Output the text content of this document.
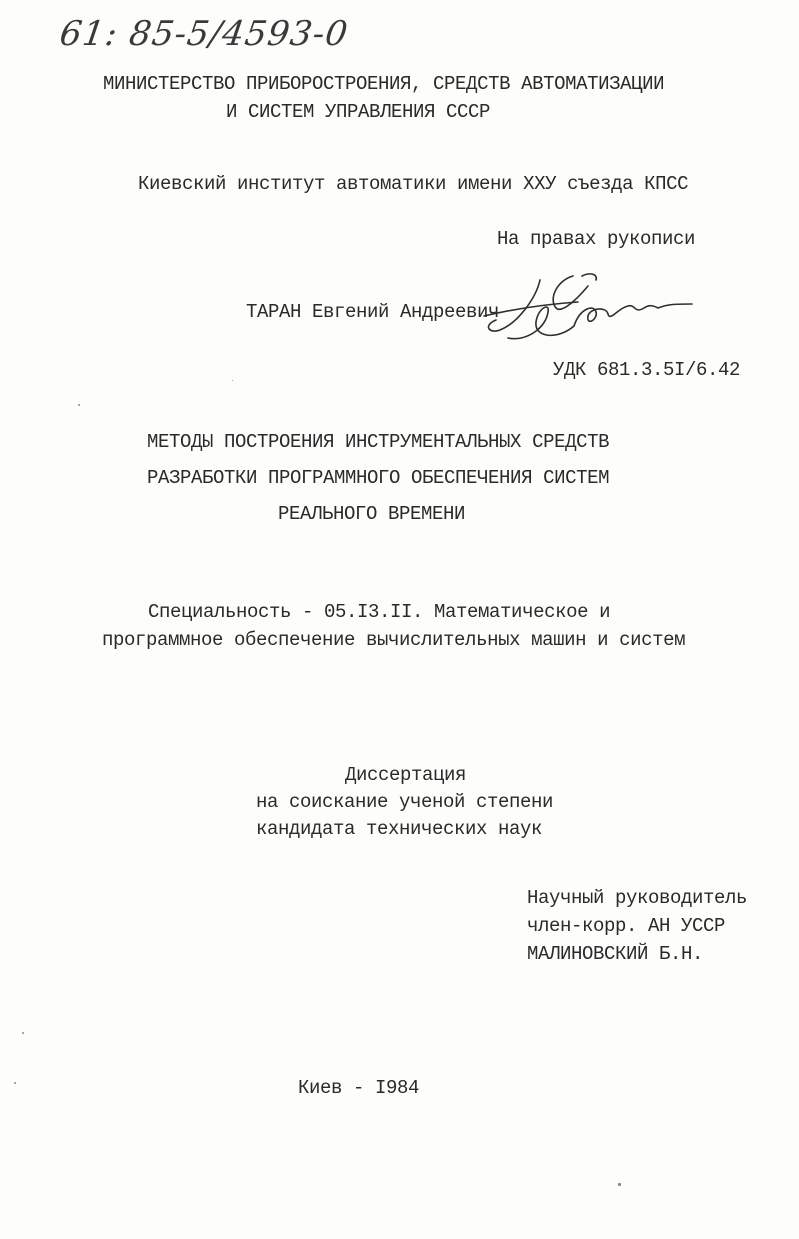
61: 85-5/4593-0
МИНИСТЕРСТВО ПРИБОРОСТРОЕНИЯ, СРЕДСТВ АВТОМАТИЗАЦИИ
И СИСТЕМ УПРАВЛЕНИЯ СССР
Киевский институт автоматики имени ХХУ съезда КПСС
На правах рукописи
ТАРАН Евгений Андреевич
УДК 681.3.5I/6.42
МЕТОДЫ ПОСТРОЕНИЯ ИНСТРУМЕНТАЛЬНЫХ СРЕДСТВ
РАЗРАБОТКИ ПРОГРАММНОГО ОБЕСПЕЧЕНИЯ СИСТЕМ
РЕАЛЬНОГО ВРЕМЕНИ
Специальность - 05.I3.II. Математическое и
программное обеспечение вычислительных машин и систем
Диссертация
на соискание ученой степени
кандидата технических наук
Научный руководитель
член-корр. АН УССР
МАЛИНОВСКИЙ Б.Н.
Киев - I984
